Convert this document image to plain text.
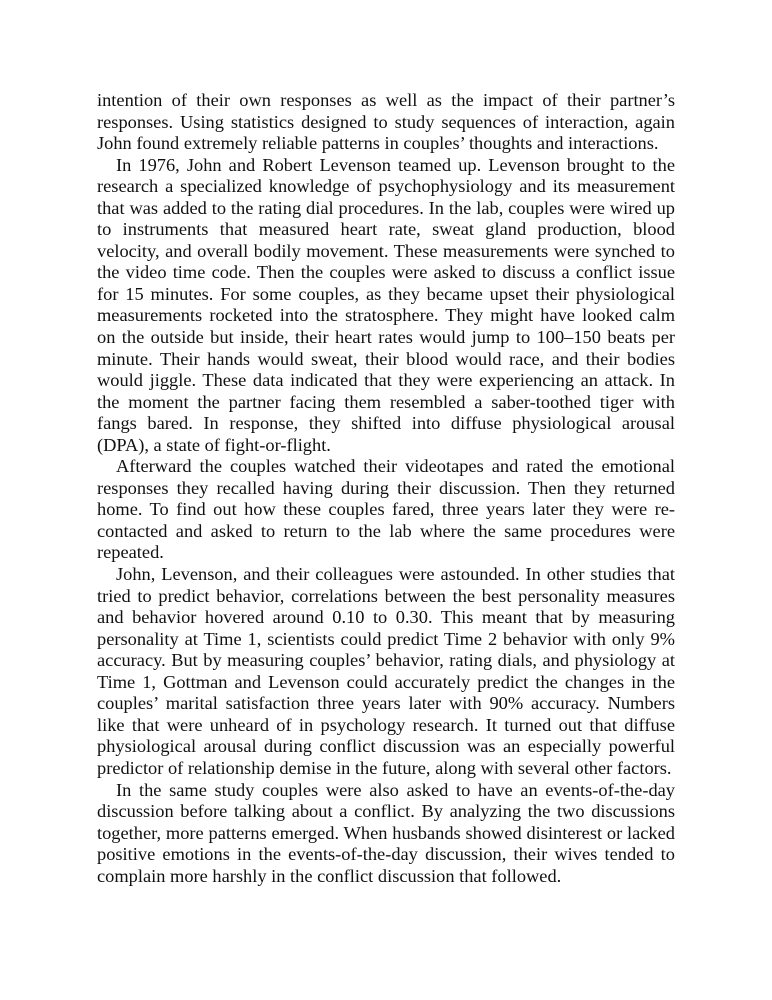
intention of their own responses as well as the impact of their partner’s responses. Using statistics designed to study sequences of interaction, again John found extremely reliable patterns in couples’ thoughts and interactions.

In 1976, John and Robert Levenson teamed up. Levenson brought to the research a specialized knowledge of psychophysiology and its measurement that was added to the rating dial procedures. In the lab, couples were wired up to instruments that measured heart rate, sweat gland production, blood velocity, and overall bodily movement. These measurements were synched to the video time code. Then the couples were asked to discuss a conflict issue for 15 minutes. For some couples, as they became upset their physiological measurements rocketed into the stratosphere. They might have looked calm on the outside but inside, their heart rates would jump to 100–150 beats per minute. Their hands would sweat, their blood would race, and their bodies would jiggle. These data indicated that they were experiencing an attack. In the moment the partner facing them resembled a saber-toothed tiger with fangs bared. In response, they shifted into diffuse physiological arousal (DPA), a state of fight-or-flight.

Afterward the couples watched their videotapes and rated the emotional responses they recalled having during their discussion. Then they returned home. To find out how these couples fared, three years later they were re-contacted and asked to return to the lab where the same procedures were repeated.

John, Levenson, and their colleagues were astounded. In other studies that tried to predict behavior, correlations between the best personality measures and behavior hovered around 0.10 to 0.30. This meant that by measuring personality at Time 1, scientists could predict Time 2 behavior with only 9% accuracy. But by measuring couples’ behavior, rating dials, and physiology at Time 1, Gottman and Levenson could accurately predict the changes in the couples’ marital satisfaction three years later with 90% accuracy. Numbers like that were unheard of in psychology research. It turned out that diffuse physiological arousal during conflict discussion was an especially powerful predictor of relationship demise in the future, along with several other factors.

In the same study couples were also asked to have an events-of-the-day discussion before talking about a conflict. By analyzing the two discussions together, more patterns emerged. When husbands showed disinterest or lacked positive emotions in the events-of-the-day discussion, their wives tended to complain more harshly in the conflict discussion that followed.
